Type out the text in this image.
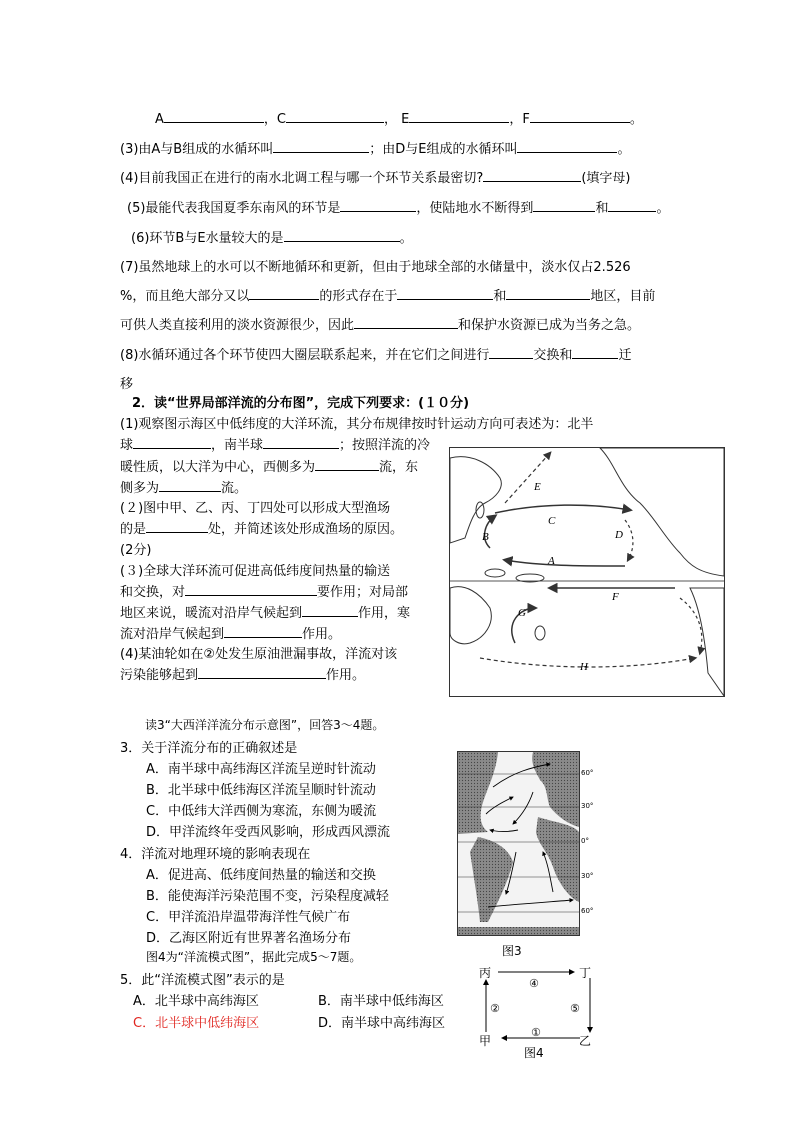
A	，C	， E	，F	。
(3)由A与B组成的水循环叫	；由D与E组成的水循环叫	。
(4)目前我国正在进行的南水北调工程与哪一个环节关系最密切?	(填字母)
(5)最能代表我国夏季东南风的环节是	，使陆地水不断得到	和	。
(6)环节B与E水量较大的是	。
(7)虽然地球上的水可以不断地循环和更新，但由于地球全部的水储量中，淡水仅占2.526
%，而且绝大部分又以	的形式存在于	和	地区，目前
可供人类直接利用的淡水资源很少，因此	和保护水资源已成为当务之急。
(8)水循环通过各个环节使四大圈层联系起来，并在它们之间进行	交换和	迁
移
2．读“世界局部洋流的分布图”，完成下列要求：(１０分)
(1)观察图示海区中低纬度的大洋环流，其分布规律按时针运动方向可表述为：北半
球	，南半球	；按照洋流的冷
暖性质，以大洋为中心，西侧多为	流，东
侧多为	流。
(２)图中甲、乙、丙、丁四处可以形成大型渔场
的是	处，并简述该处形成渔场的原因。
(2分)
(３)全球大洋环流可促进高低纬度间热量的输送
和交换，对	要作用；对局部
地区来说，暖流对沿岸气候起到	作用，寒
流对沿岸气候起到	作用。
(4)某油轮如在②处发生原油泄漏事故，洋流对该
污染能够起到	作用。
E
C
B	D
A
F
G
H
读3“大西洋洋流分布示意图”，回答3～4题。
3．关于洋流分布的正确叙述是
A．南半球中高纬海区洋流呈逆时针流动
B．北半球中低纬海区洋流呈顺时针流动
C．中低纬大洋西侧为寒流，东侧为暖流
D．甲洋流终年受西风影响，形成西风漂流
4．洋流对地理环境的影响表现在
A．促进高、低纬度间热量的输送和交换
B．能使海洋污染范围不变，污染程度减轻
C．甲洋流沿岸温带海洋性气候广布
D．乙海区附近有世界著名渔场分布
60°
30°
0°
30°
60°
图3
图4为“洋流模式图”，据此完成5～7题。
5．此“洋流模式图”表示的是
A．北半球中高纬海区	B．南半球中低纬海区
C．北半球中低纬海区	D．南半球中高纬海区
丙	丁
甲	乙
④
②	⑤
①
图4
